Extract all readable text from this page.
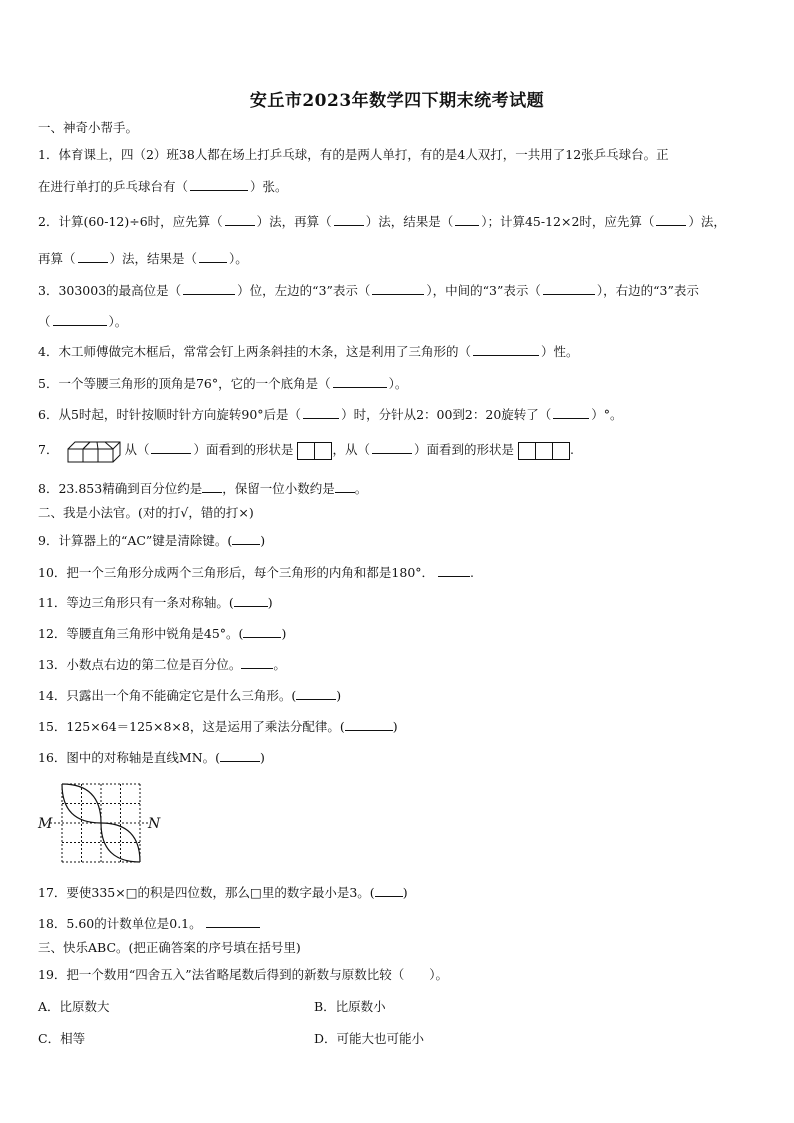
安丘市2023年数学四下期末统考试题
一、神奇小帮手。
1．体育课上，四（2）班38人都在场上打乒乓球，有的是两人单打，有的是4人双打，一共用了12张乒乓球台。正
在进行单打的乒乓球台有（	）张。
2．计算(60-12)÷6时，应先算（	）法，再算（	）法，结果是（ ）；计算45-12×2时，应先算（	）法，
再算（	）法，结果是（	）。
3．303003的最高位是（	）位，左边的“3”表示（	），中间的“3”表示（	），右边的“3”表示
（	）。
4．木工师傅做完木框后，常常会钉上两条斜挂的木条，这是利用了三角形的（	）性。
5．一个等腰三角形的顶角是76°，它的一个底角是（	）。
6．从5时起，时针按顺时针方向旋转90°后是（	）时，分针从2：00到2：20旋转了（	）°。
7．	从（	）面看到的形状是	，从（	）面看到的形状是	.
8．23.853精确到百分位约是 ，保留一位小数约是 。
二、我是小法官。(对的打√，错的打×)
9．计算器上的“AC”键是清除键。( )
10．把一个三角形分成两个三角形后，每个三角形的内角和都是180°．	.
11．等边三角形只有一条对称轴。(	)
12．等腰直角三角形中锐角是45°。(	)
13．小数点右边的第二位是百分位。	。
14．只露出一个角不能确定它是什么三角形。(	)
15．125×64＝125×8×8，这是运用了乘法分配律。(	)
16．图中的对称轴是直线MN。(	)
M	N
17．要使335×□的积是四位数，那么□里的数字最小是3。( )
18．5.60的计数单位是0.1。
三、快乐ABC。(把正确答案的序号填在括号里)
19．把一个数用“四舍五入”法省略尾数后得到的新数与原数比较（　　）。
A．比原数大	B．比原数小
C．相等	D．可能大也可能小
